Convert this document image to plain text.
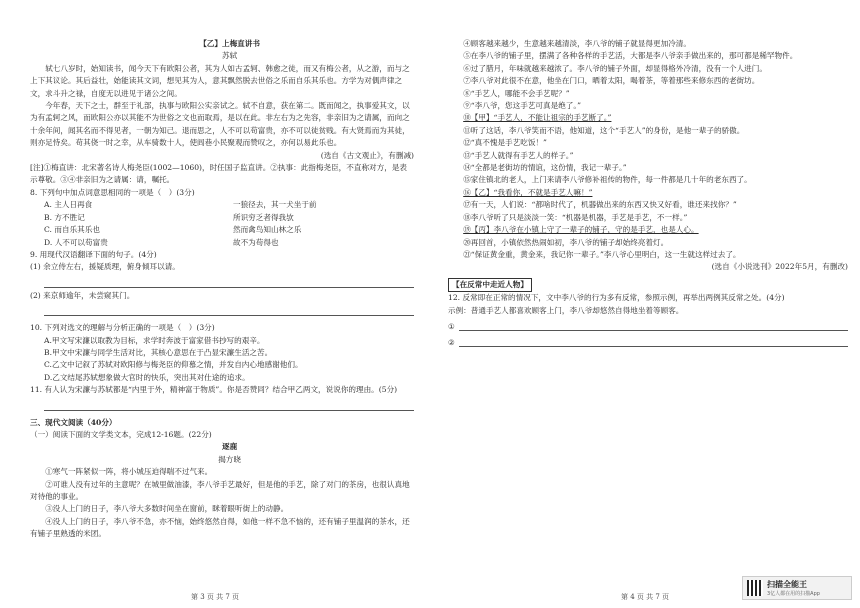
【乙】上梅直讲书

苏轼

轼七八岁时，始知读书，闻今天下有欧阳公者，其为人如古孟轲、韩愈之徒，而又有梅公者，从之游，而与之上下其议论。其后益壮，始能读其文词，想见其为人，意其飘然脱去世俗之乐而自乐其乐也。方学为对偶声律之文，求斗升之禄，自度无以进见于诸公之间。

今年春，天下之士，群至于礼部，执事与欧阳公实亲试之。轼不自意，获在第二。既而闻之，执事爱其文，以为有孟轲之风，而欧阳公亦以其能不为世俗之文也而取焉，是以在此。非左右为之先容，非亲旧为之请属，而向之十余年间，闻其名而不得见者，一朝为知己。退而思之，人不可以苟富贵，亦不可以徒贫贱。有大贤焉而为其徒，则亦足恃矣。苟其侥一时之幸，从车骑数十人，使闾巷小民聚观而赞叹之，亦何以易此乐也。

(选自《古文观止》，有删减)

[注]①梅直讲：北宋著名诗人梅尧臣(1002—1060)，时任国子监直讲。②执事：此指梅尧臣，不直称对方，是表示尊敬。③④非亲旧为之请属：请，嘱托。

8. 下列句中加点词意思相同的一项是（　）(3分)

A. 主人日再食	一狼径去，其一犬坐于前
B. 方不胜记	所识穷乏者得我欤
C. 而自乐其乐也	然而禽鸟知山林之乐
D. 人不可以苟富贵	故不为苟得也

9. 用现代汉语翻译下面的句子。(4分)

(1) 余立侍左右，援疑质理，俯身倾耳以请。

(2) 来京师逾年，未尝窥其门。

10. 下列对选文的理解与分析正确的一项是（　）(3分)

A.甲文写宋濂以取教为目标，求学时奔波于富家借书抄写的艰辛。

B.甲文中宋濂与同学生活对比，其核心意思在于凸显宋濂生活之苦。

C.乙文中记叙了苏轼对欧阳修与梅尧臣的仰慕之情，并发自内心地感谢他们。

D.乙文结尾苏轼想象做大官时的快乐，突出其对仕途的追求。

11. 有人认为宋濂与苏轼都是“内里于外，精神富于物质”。你是否赞同？结合甲乙两文，说说你的理由。(5分)

三、现代文阅读（40分）

（一）阅读下面的文学类文本，完成12-16题。(22分)

逐鹿

揭方晓

①寒气一阵紧似一阵，将小城压迫得喘不过气来。

②可谁人没有过年的主意呢？在城里做油漆，李八爷手艺最好，但是他的手艺，除了对门的茶房，也很认真地对待他的事业。

③没人上门的日子，李八爷大多数时间坐在窗前，眯着眼听街上的动静。

④没人上门的日子，李八爷不急，亦不恼，始终悠然自得，如他一样不急不恼的，还有铺子里温润的茶水，还有铺子里熟透的米团。

第 3 页 共 7 页

④顾客越来越少，生意越来越清淡，李八爷的铺子就显得更加冷清。

⑤在李八爷的铺子里，摆满了各种各样的手艺活，大都是李八爷亲手做出来的，那可都是稀罕物件。

⑥过了腊月，年味就越来越浓了。李八爷的铺子外面，却显得格外冷清，没有一个人进门。

⑦李八爷对此很不在意，他坐在门口，晒着太阳，喝着茶，等着那些来修东西的老街坊。

⑧“手艺人，哪能不会手艺呢？”

⑨“李八爷，您这手艺可真是绝了。”

⑩【甲】“手艺人，不能让祖宗的手艺断了。”

⑪听了这话，李八爷笑而不语，他知道，这个“手艺人”的身份，是他一辈子的骄傲。

⑫“真不愧是手艺吃饭！”

⑬“手艺人就得有手艺人的样子。”

⑭“全都是老街坊的情谊，这份情，我记一辈子。”

⑮家住镇北的老人，上门来请李八爷修补祖传的物件，每一件都是几十年的老东西了。

⑯【乙】“我看你，不就是手艺人嘛！”

⑰有一天，人们说：“都啥时代了，机器做出来的东西又快又好看，谁还来找你？”

⑱李八爷听了只是淡淡一笑：“机器是机器，手艺是手艺，不一样。”

⑲【丙】李八爷在小镇上守了一辈子的铺子，守的是手艺，也是人心。

⑳再回首，小镇依然热闹如初，李八爷的铺子却始终亮着灯。

㉑“保证黄金重，黄金来，我记你一辈子。”李八爷心里明白，这一生就这样过去了。

(选自《小说选刊》2022年5月，有删改)

【在反常中走近人物】

12. 反常即在正常的情况下，文中李八爷的行为多有反常，参照示例，再举出两例其反常之处。(4分)

示例：普通手艺人都喜欢顾客上门，李八爷却悠然自得地坐着等顾客。

①
②
第 4 页 共 7 页
扫描全能王
3亿人都在用的扫描App
